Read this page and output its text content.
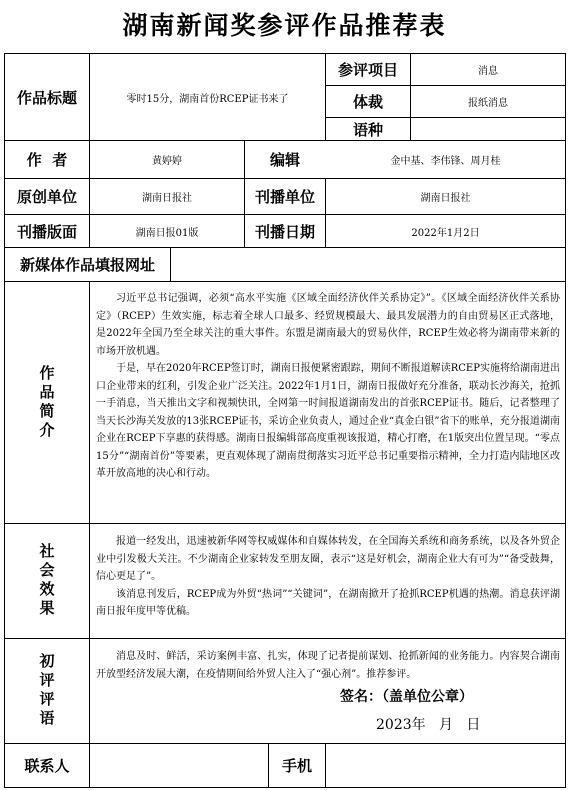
湖南新闻奖参评作品推荐表
作品标题	零时15分，湖南首份RCEP证书来了
参评项目	消息
体裁	报纸消息
语种
作  者	黄婷婷	编辑	金中基、李伟锋、周月桂
原创单位	湖南日报社	刊播单位	湖南日报社
刊播版面	湖南日报01版	刊播日期	2022年1月2日
新媒体作品填报网址
作品简介

习近平总书记强调，必须“高水平实施《区域全面经济伙伴关系协定》”。《区域全面经济伙伴关系协定》（RCEP）生效实施，标志着全球人口最多、经贸规模最大、最具发展潜力的自由贸易区正式落地，是2022年全国乃至全球关注的重大事件。东盟是湖南最大的贸易伙伴，RCEP生效必将为湖南带来新的市场开放机遇。

于是，早在2020年RCEP签订时，湖南日报便紧密跟踪，期间不断报道解读RCEP实施将给湖南进出口企业带来的红利，引发企业广泛关注。2022年1月1日，湖南日报做好充分准备，联动长沙海关，抢抓一手消息，当天推出文字和视频快讯，全网第一时间报道湖南发出的首张RCEP证书。随后，记者整理了当天长沙海关发放的13张RCEP证书，采访企业负责人，通过企业“真金白银”省下的账单，充分报道湖南企业在RCEP下享惠的获得感。湖南日报编辑部高度重视该报道，精心打磨，在1版突出位置呈现。“零点15分”“湖南首份”等要素，更直观体现了湖南贯彻落实习近平总书记重要指示精神，全力打造内陆地区改革开放高地的决心和行动。

社会效果

报道一经发出，迅速被新华网等权威媒体和自媒体转发，在全国海关系统和商务系统，以及各外贸企业中引发极大关注。不少湖南企业家转发至朋友圈，表示“这是好机会，湖南企业大有可为”“备受鼓舞，信心更足了”。

该消息刊发后，RCEP成为外贸“热词”“关键词”，在湖南掀开了抢抓RCEP机遇的热潮。消息获评湖南日报年度甲等优稿。

初评评语	消息及时、鲜活，采访案例丰富、扎实，体现了记者提前谋划、抢抓新闻的业务能力。内容契合湖南开放型经济发展大潮，在疫情期间给外贸人注入了“强心剂”。推荐参评。

签名：（盖单位公章）
2023年   月   日
联系人	手机
